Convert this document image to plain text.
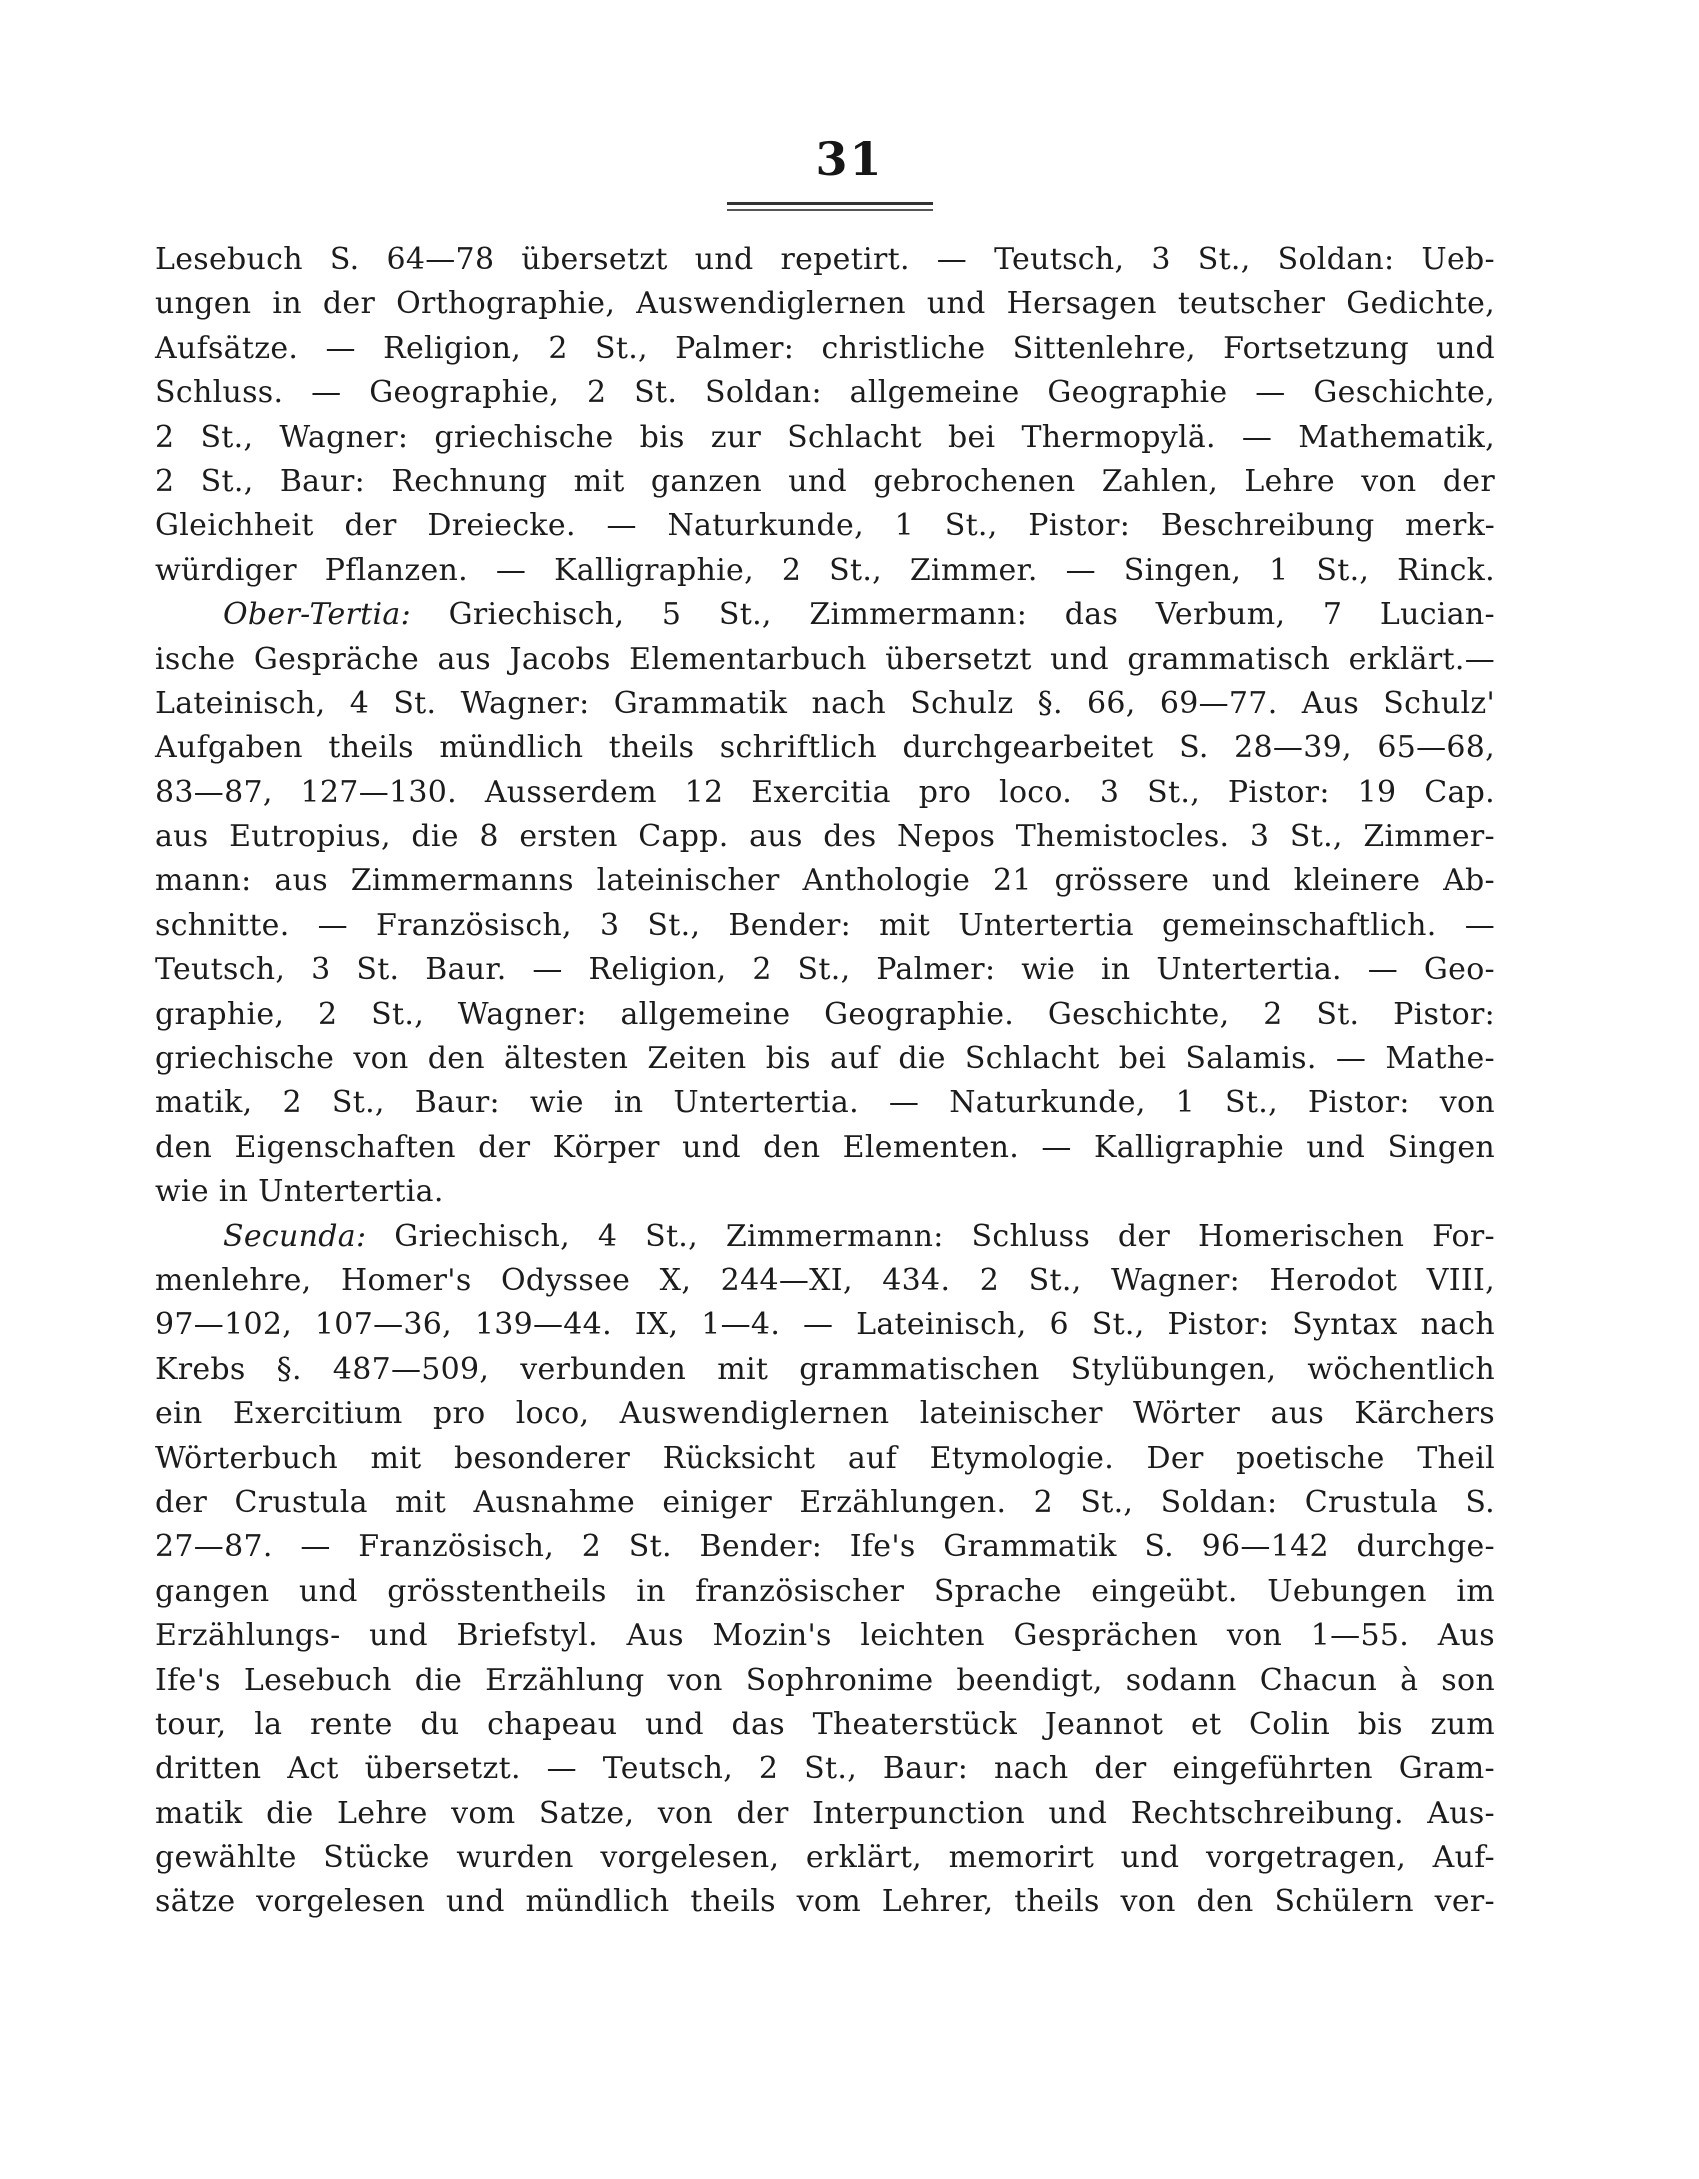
31
Lesebuch S. 64—78 übersetzt und repetirt. — Teutsch, 3 St., Soldan: Ueb-
ungen in der Orthographie, Auswendiglernen und Hersagen teutscher Gedichte,
Aufsätze. — Religion, 2 St., Palmer: christliche Sittenlehre, Fortsetzung und
Schluss. — Geographie, 2 St. Soldan: allgemeine Geographie — Geschichte,
2 St., Wagner: griechische bis zur Schlacht bei Thermopylä. — Mathematik,
2 St., Baur: Rechnung mit ganzen und gebrochenen Zahlen, Lehre von der
Gleichheit der Dreiecke. — Naturkunde, 1 St., Pistor: Beschreibung merk-
würdiger Pflanzen. — Kalligraphie, 2 St., Zimmer. — Singen, 1 St., Rinck.
Ober-Tertia: Griechisch, 5 St., Zimmermann: das Verbum, 7 Lucian-
ische Gespräche aus Jacobs Elementarbuch übersetzt und grammatisch erklärt.—
Lateinisch, 4 St. Wagner: Grammatik nach Schulz §. 66, 69—77. Aus Schulz'
Aufgaben theils mündlich theils schriftlich durchgearbeitet S. 28—39, 65—68,
83—87, 127—130. Ausserdem 12 Exercitia pro loco. 3 St., Pistor: 19 Cap.
aus Eutropius, die 8 ersten Capp. aus des Nepos Themistocles. 3 St., Zimmer-
mann: aus Zimmermanns lateinischer Anthologie 21 grössere und kleinere Ab-
schnitte. — Französisch, 3 St., Bender: mit Untertertia gemeinschaftlich. —
Teutsch, 3 St. Baur. — Religion, 2 St., Palmer: wie in Untertertia. — Geo-
graphie, 2 St., Wagner: allgemeine Geographie. Geschichte, 2 St. Pistor:
griechische von den ältesten Zeiten bis auf die Schlacht bei Salamis. — Mathe-
matik, 2 St., Baur: wie in Untertertia. — Naturkunde, 1 St., Pistor: von
den Eigenschaften der Körper und den Elementen. — Kalligraphie und Singen
wie in Untertertia.
Secunda: Griechisch, 4 St., Zimmermann: Schluss der Homerischen For-
menlehre, Homer's Odyssee X, 244—XI, 434. 2 St., Wagner: Herodot VIII,
97—102, 107—36, 139—44. IX, 1—4. — Lateinisch, 6 St., Pistor: Syntax nach
Krebs §. 487—509, verbunden mit grammatischen Stylübungen, wöchentlich
ein Exercitium pro loco, Auswendiglernen lateinischer Wörter aus Kärchers
Wörterbuch mit besonderer Rücksicht auf Etymologie. Der poetische Theil
der Crustula mit Ausnahme einiger Erzählungen. 2 St., Soldan: Crustula S.
27—87. — Französisch, 2 St. Bender: Ife's Grammatik S. 96—142 durchge-
gangen und grösstentheils in französischer Sprache eingeübt. Uebungen im
Erzählungs- und Briefstyl. Aus Mozin's leichten Gesprächen von 1—55. Aus
Ife's Lesebuch die Erzählung von Sophronime beendigt, sodann Chacun à son
tour, la rente du chapeau und das Theaterstück Jeannot et Colin bis zum
dritten Act übersetzt. — Teutsch, 2 St., Baur: nach der eingeführten Gram-
matik die Lehre vom Satze, von der Interpunction und Rechtschreibung. Aus-
gewählte Stücke wurden vorgelesen, erklärt, memorirt und vorgetragen, Auf-
sätze vorgelesen und mündlich theils vom Lehrer, theils von den Schülern ver-
